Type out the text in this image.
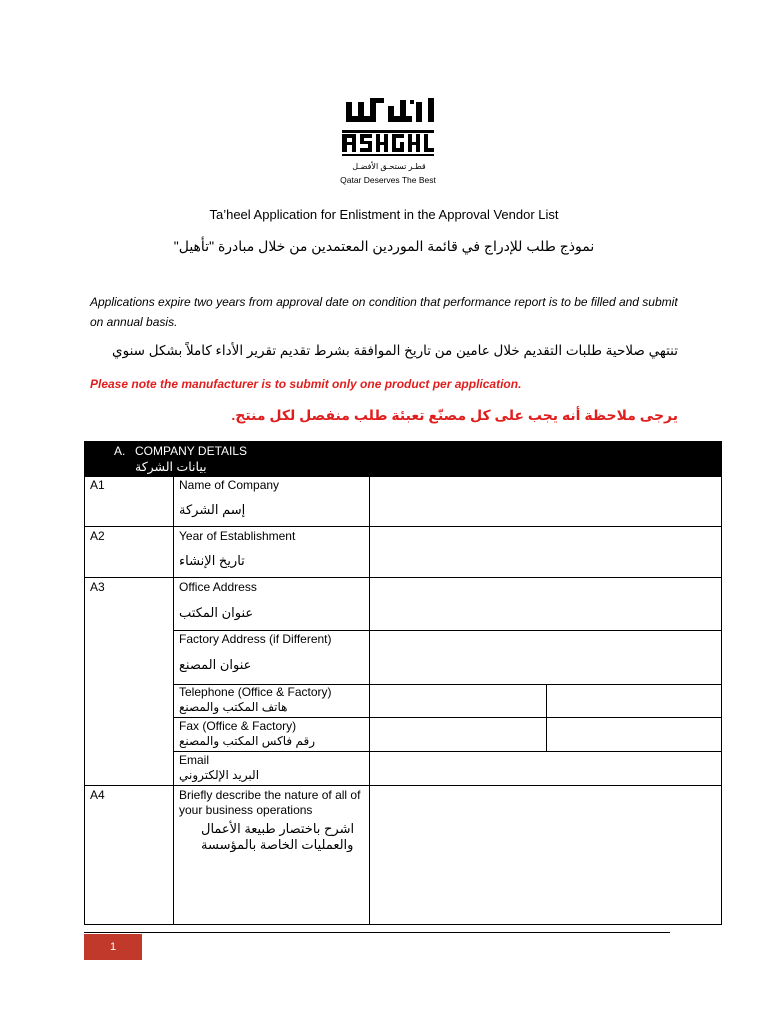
قطـر تستحـق الأفضـل
Qatar Deserves The Best
Ta’heel Application for Enlistment in the Approval Vendor List
نموذج طلب للإدراج في قائمة الموردين المعتمدين من خلال مبادرة "تأهيل"
Applications expire two years from approval date on condition that performance report is to be filled and submit on annual basis.
تنتهي صلاحية طلبات التقديم خلال عامين من تاريخ الموافقة بشرط تقديم تقرير الأداء كاملاً بشكل سنوي
Please note the manufacturer is to submit only one product per application.
يرجى ملاحظة أنه يجب على كل مصنّع تعبئة طلب منفصل لكل منتج.
A. COMPANY DETAILS
بيانات الشركة
A1	Name of Company
إسم الشركة
A2	Year of Establishment
تاريخ الإنشاء
A3	Office Address
عنوان المكتب
Factory Address (if Different)
عنوان المصنع
Telephone (Office & Factory)
هاتف المكتب والمصنع
Fax (Office & Factory)
رقم فاكس المكتب والمصنع
Email
البريد الإلكتروني
A4	Briefly describe the nature of all of your business operations
اشرح باختصار طبيعة الأعمال
والعمليات الخاصة بالمؤسسة
1
